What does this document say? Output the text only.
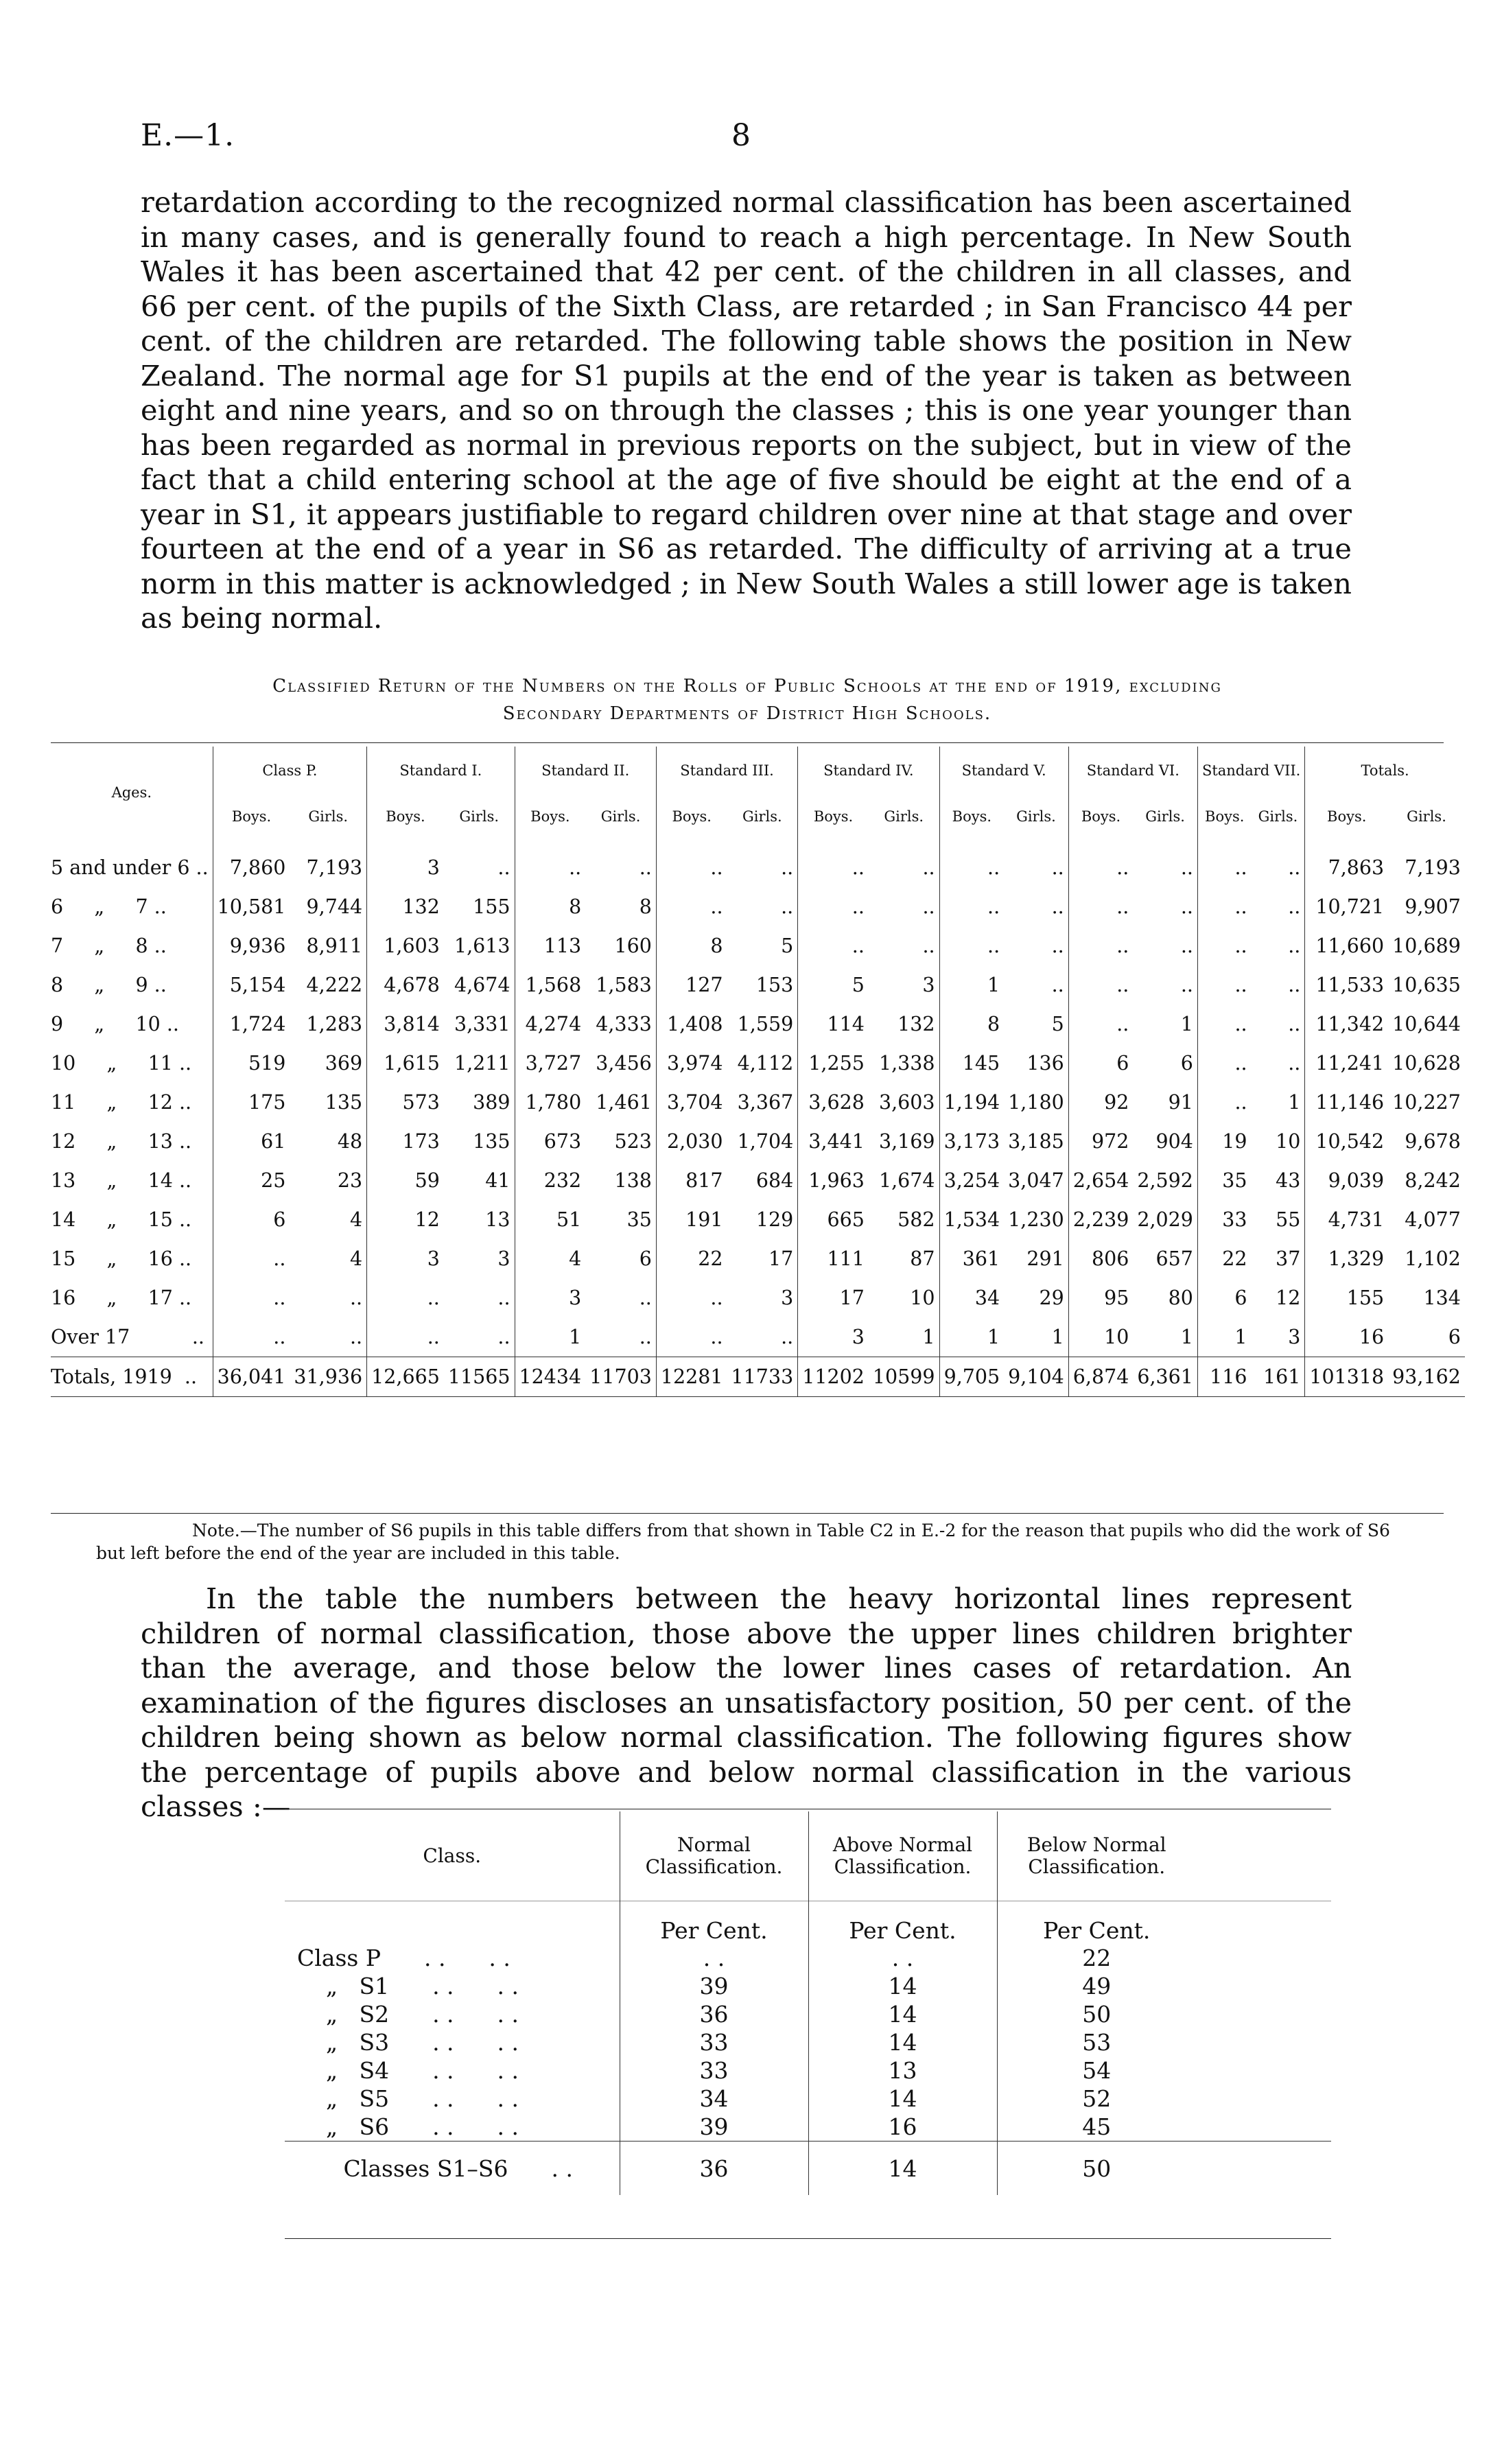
E.—1.	8
retardation according to the recognized normal classification has been ascertained in many cases, and is generally found to reach a high percentage. In New South Wales it has been ascertained that 42 per cent. of the children in all classes, and 66 per cent. of the pupils of the Sixth Class, are retarded ; in San Francisco 44 per cent. of the children are retarded. The following table shows the position in New Zealand. The normal age for S1 pupils at the end of the year is taken as between eight and nine years, and so on through the classes ; this is one year younger than has been regarded as normal in previous reports on the subject, but in view of the fact that a child entering school at the age of five should be eight at the end of a year in S1, it appears justifiable to regard children over nine at that stage and over fourteen at the end of a year in S6 as retarded. The difficulty of arriving at a true norm in this matter is acknowledged ; in New South Wales a still lower age is taken as being normal.
Classified Return of the Numbers on the Rolls of Public Schools at the end of 1919, excluding
Secondary Departments of District High Schools.
Ages.	Class P.		Standard I.		Standard II.		Standard III.		Standard IV.		Standard V.		Standard VI.		Standard VII.		Totals.	
	Boys.	Girls.	Boys.	Girls.	Boys.	Girls.	Boys.	Girls.	Boys.	Girls.	Boys.	Girls.	Boys.	Girls.	Boys.	Girls.	Boys.	Girls.
5 and under 6 ..	7,860	7,193	3	..	..	..	..	..	..	..	..	..	..	..	..	..	7,863	7,193
6     „     7 ..	10,581	9,744	132	155	8	8	..	..	..	..	..	..	..	..	..	..	10,721	9,907
7     „     8 ..	9,936	8,911	1,603	1,613	113	160	8	5	..	..	..	..	..	..	..	..	11,660	10,689
8     „     9 ..	5,154	4,222	4,678	4,674	1,568	1,583	127	153	5	3	1	..	..	..	..	..	11,533	10,635
9     „     10 ..	1,724	1,283	3,814	3,331	4,274	4,333	1,408	1,559	114	132	8	5	..	1	..	..	11,342	10,644
10     „     11 ..	519	369	1,615	1,211	3,727	3,456	3,974	4,112	1,255	1,338	145	136	6	6	..	..	11,241	10,628
11     „     12 ..	175	135	573	389	1,780	1,461	3,704	3,367	3,628	3,603	1,194	1,180	92	91	..	1	11,146	10,227
12     „     13 ..	61	48	173	135	673	523	2,030	1,704	3,441	3,169	3,173	3,185	972	904	19	10	10,542	9,678
13     „     14 ..	25	23	59	41	232	138	817	684	1,963	1,674	3,254	3,047	2,654	2,592	35	43	9,039	8,242
14     „     15 ..	6	4	12	13	51	35	191	129	665	582	1,534	1,230	2,239	2,029	33	55	4,731	4,077
15     „     16 ..	..	4	3	3	4	6	22	17	111	87	361	291	806	657	22	37	1,329	1,102
16     „     17 ..	..	..	..	..	3	..	..	3	17	10	34	29	95	80	6	12	155	134
Over 17          ..	..	..	..	..	1	..	..	..	3	1	1	1	10	1	1	3	16	6
Totals, 1919  ..	36,041	31,936	12,665	11565	12434	11703	12281	11733	11202	10599	9,705	9,104	6,874	6,361	116	161	101318	93,162
Note.—The number of S6 pupils in this table differs from that shown in Table C2 in E.-2 for the reason that pupils who did the work of S6 but left before the end of the year are included in this table.
In the table the numbers between the heavy horizontal lines represent children of normal classification, those above the upper lines children brighter than the average, and those below the lower lines cases of retardation. An examination of the figures discloses an unsatisfactory position, 50 per cent. of the children being shown as below normal classification. The following figures show the percentage of pupils above and below normal classification in the various classes :—
Class.	Normal Classification.	Above Normal Classification.	Below Normal Classification.	
	Per Cent.	Per Cent.	Per Cent.	
Class P      . .      . .	. .	. .	22	
„   S1      . .      . .	39	14	49	
„   S2      . .      . .	36	14	50	
„   S3      . .      . .	33	14	53	
„   S4      . .      . .	33	13	54	
„   S5      . .      . .	34	14	52	
„   S6      . .      . .	39	16	45	
Classes S1–S6      . .	36	14	50	
